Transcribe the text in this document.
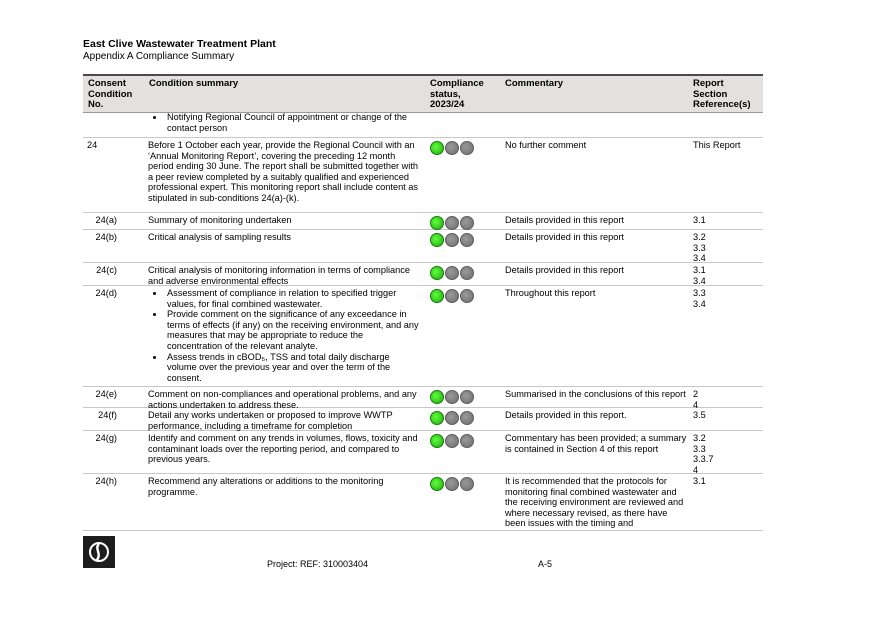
East Clive Wastewater Treatment Plant
Appendix A Compliance Summary
Consent Condition No.
Condition summary	Compliance status, 2023/24
Commentary	Report Section Reference(s)
• Notifying Regional Council of appointment or change of the contact person
24	Before 1 October each year, provide the Regional Council with an ‘Annual Monitoring Report’, covering the preceding 12 month period ending 30 June. The report shall be submitted together with a peer review completed by a suitably qualified and experienced professional expert. This monitoring report shall include content as stipulated in sub-conditions 24(a)-(k).
No further comment	This Report
24(a)	Summary of monitoring undertaken	Details provided in this report	3.1
24(b)	Critical analysis of sampling results	Details provided in this report	3.2
3.3
3.4
24(c)	Critical analysis of monitoring information in terms of compliance and adverse environmental effects
Details provided in this report	3.1
3.4
24(d)
•	Assessment of compliance in relation to specified trigger values, for final combined wastewater.
• Provide comment on the significance of any exceedance in terms of effects (if any) on the receiving environment, and any measures that may be appropriate to reduce the concentration of the relevant analyte.
• Assess trends in cBOD₅, TSS and total daily discharge volume over the previous year and over the term of the consent.
Throughout this report	3.3
3.4
24(e)	Comment on non-compliances and operational problems, and any actions undertaken to address these.
Summarised in the conclusions of this report 2
4
24(f)	Detail any works undertaken or proposed to improve WWTP performance, including a timeframe for completion
Details provided in this report.	3.5
24(g)	Identify and comment on any trends in volumes, flows, toxicity and contaminant loads over the reporting period, and compared to previous years.
Commentary has been provided; a summary is contained in Section 4 of this report
3.2
3.3
3.3.7
4
24(h)	Recommend any alterations or additions to the monitoring programme.
It is recommended that the protocols for monitoring final combined wastewater and the receiving environment are reviewed and where necessary revised, as there have been issues with the timing and
3.1
Project: REF: 310003404	A-5
